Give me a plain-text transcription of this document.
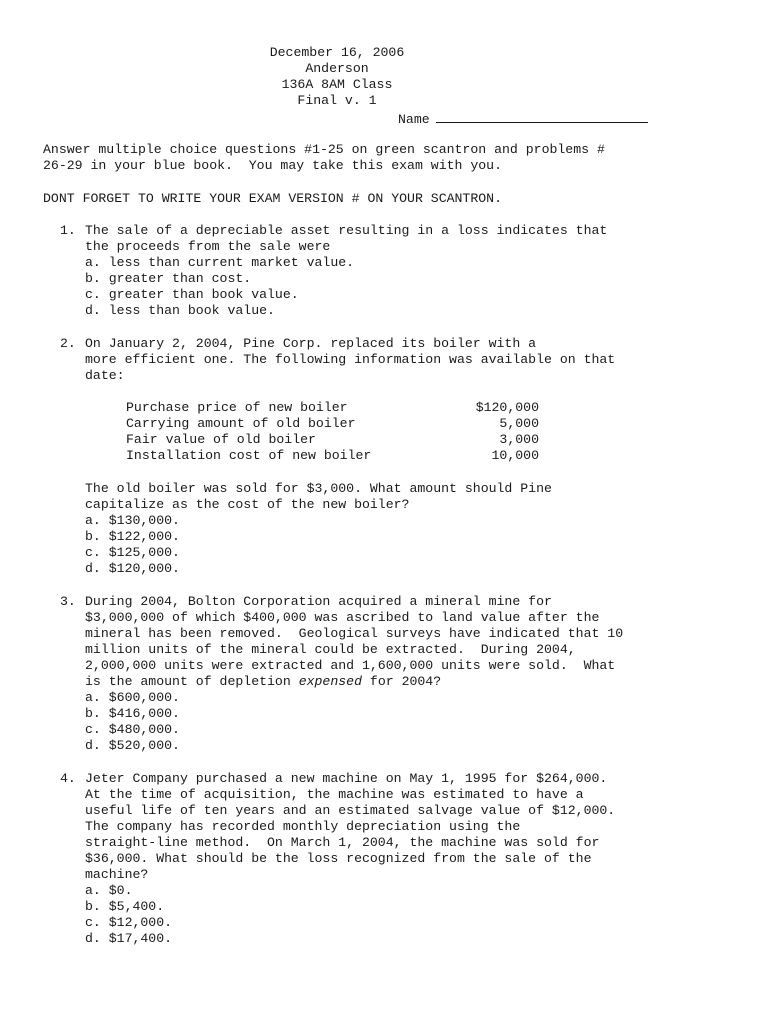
December 16, 2006
Anderson
136A 8AM Class
Final v. 1
Name
Answer multiple choice questions #1-25 on green scantron and problems #
26-29 in your blue book.  You may take this exam with you.
DONT FORGET TO WRITE YOUR EXAM VERSION # ON YOUR SCANTRON.
1. The sale of a depreciable asset resulting in a loss indicates that
the proceeds from the sale were
a. less than current market value.
b. greater than cost.
c. greater than book value.
d. less than book value.
2. On January 2, 2004, Pine Corp. replaced its boiler with a
more efficient one. The following information was available on that
date:
Purchase price of new boiler	$120,000
Carrying amount of old boiler	5,000
Fair value of old boiler	3,000
Installation cost of new boiler	10,000
The old boiler was sold for $3,000. What amount should Pine
capitalize as the cost of the new boiler?
a. $130,000.
b. $122,000.
c. $125,000.
d. $120,000.
3. During 2004, Bolton Corporation acquired a mineral mine for
$3,000,000 of which $400,000 was ascribed to land value after the
mineral has been removed.  Geological surveys have indicated that 10
million units of the mineral could be extracted.  During 2004,
2,000,000 units were extracted and 1,600,000 units were sold.  What
is the amount of depletion expensed for 2004?
a. $600,000.
b. $416,000.
c. $480,000.
d. $520,000.
4. Jeter Company purchased a new machine on May 1, 1995 for $264,000.
At the time of acquisition, the machine was estimated to have a
useful life of ten years and an estimated salvage value of $12,000.
The company has recorded monthly depreciation using the
straight-line method.  On March 1, 2004, the machine was sold for
$36,000. What should be the loss recognized from the sale of the
machine?
a. $0.
b. $5,400.
c. $12,000.
d. $17,400.
